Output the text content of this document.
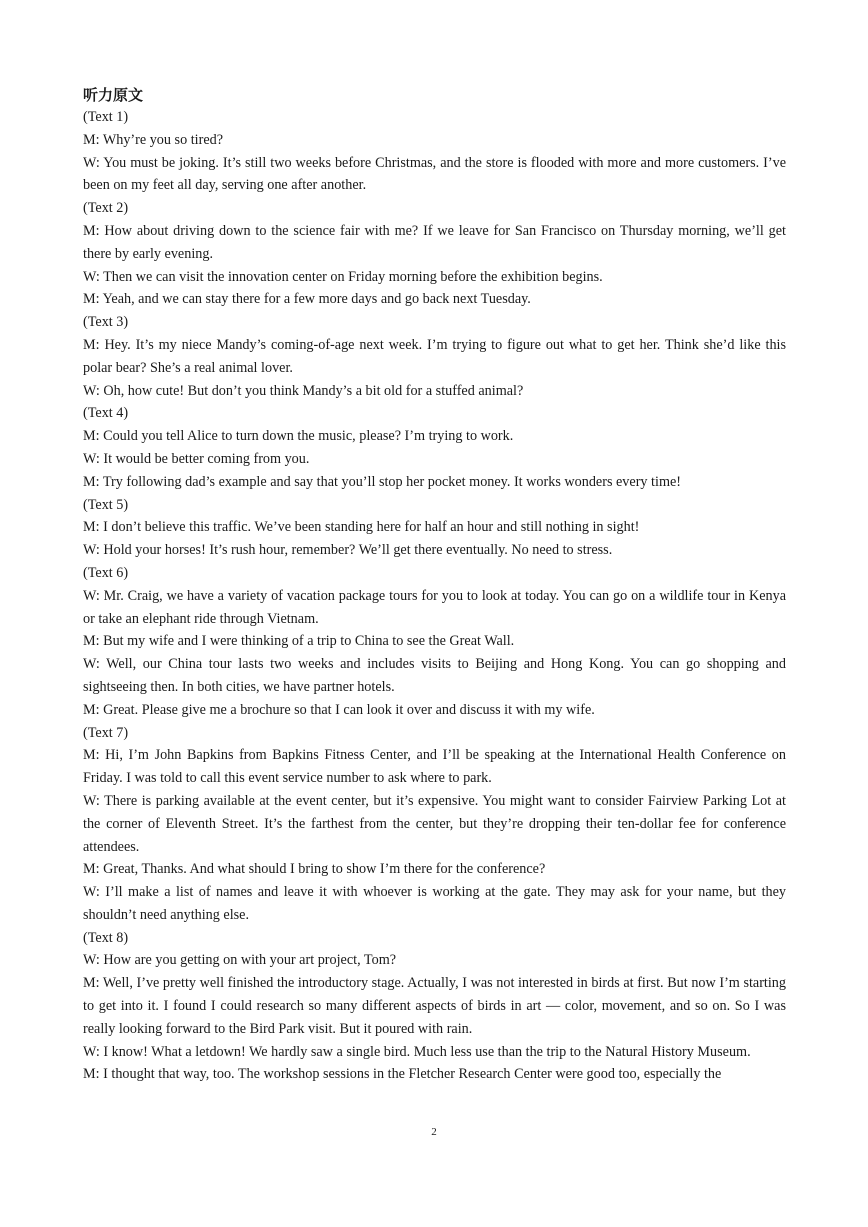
听力原文

(Text 1)

M: Why’re you so tired?

W: You must be joking. It’s still two weeks before Christmas, and the store is flooded with more and more customers. I’ve been on my feet all day, serving one after another.

(Text 2)

M: How about driving down to the science fair with me? If we leave for San Francisco on Thursday morning, we’ll get there by early evening.

W: Then we can visit the innovation center on Friday morning before the exhibition begins.

M: Yeah, and we can stay there for a few more days and go back next Tuesday.

(Text 3)

M: Hey. It’s my niece Mandy’s coming-of-age next week. I’m trying to figure out what to get her. Think she’d like this polar bear? She’s a real animal lover.

W: Oh, how cute! But don’t you think Mandy’s a bit old for a stuffed animal?

(Text 4)

M: Could you tell Alice to turn down the music, please? I’m trying to work.

W: It would be better coming from you.

M: Try following dad’s example and say that you’ll stop her pocket money. It works wonders every time!

(Text 5)

M: I don’t believe this traffic. We’ve been standing here for half an hour and still nothing in sight!

W: Hold your horses! It’s rush hour, remember? We’ll get there eventually. No need to stress.

(Text 6)

W: Mr. Craig, we have a variety of vacation package tours for you to look at today. You can go on a wildlife tour in Kenya or take an elephant ride through Vietnam.

M: But my wife and I were thinking of a trip to China to see the Great Wall.

W: Well, our China tour lasts two weeks and includes visits to Beijing and Hong Kong. You can go shopping and sightseeing then. In both cities, we have partner hotels.

M: Great. Please give me a brochure so that I can look it over and discuss it with my wife.

(Text 7)

M: Hi, I’m John Bapkins from Bapkins Fitness Center, and I’ll be speaking at the International Health Conference on Friday. I was told to call this event service number to ask where to park.

W: There is parking available at the event center, but it’s expensive. You might want to consider Fairview Parking Lot at the corner of Eleventh Street. It’s the farthest from the center, but they’re dropping their ten-dollar fee for conference attendees.

M: Great, Thanks. And what should I bring to show I’m there for the conference?

W: I’ll make a list of names and leave it with whoever is working at the gate. They may ask for your name, but they shouldn’t need anything else.

(Text 8)

W: How are you getting on with your art project, Tom?

M: Well, I’ve pretty well finished the introductory stage. Actually, I was not interested in birds at first. But now I’m starting to get into it. I found I could research so many different aspects of birds in art — color, movement, and so on. So I was really looking forward to the Bird Park visit. But it poured with rain.

W: I know! What a letdown! We hardly saw a single bird. Much less use than the trip to the Natural History Museum.

M: I thought that way, too. The workshop sessions in the Fletcher Research Center were good too, especially the

2
